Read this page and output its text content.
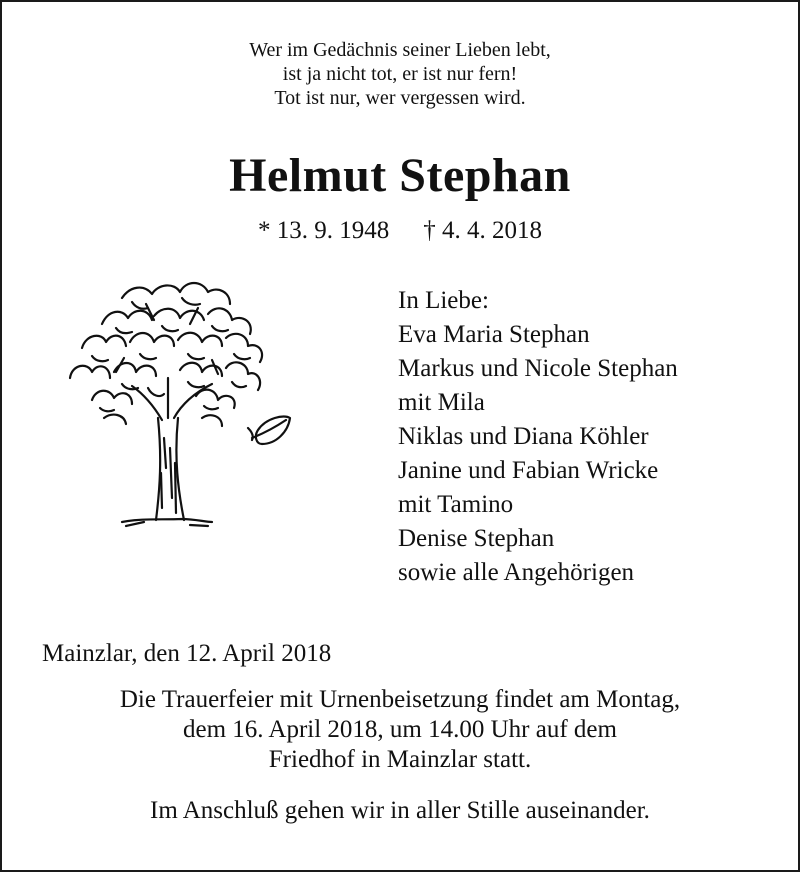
Wer im Gedächnis seiner Lieben lebt,
ist ja nicht tot, er ist nur fern!
Tot ist nur, wer vergessen wird.
Helmut Stephan
* 13. 9. 1948 † 4. 4. 2018
In Liebe:
Eva Maria Stephan
Markus und Nicole Stephan
mit Mila
Niklas und Diana Köhler
Janine und Fabian Wricke
mit Tamino
Denise Stephan
sowie alle Angehörigen
Mainzlar, den 12. April 2018
Die Trauerfeier mit Urnenbeisetzung findet am Montag,
dem 16. April 2018, um 14.00 Uhr auf dem
Friedhof in Mainzlar statt.
Im Anschluß gehen wir in aller Stille auseinander.
